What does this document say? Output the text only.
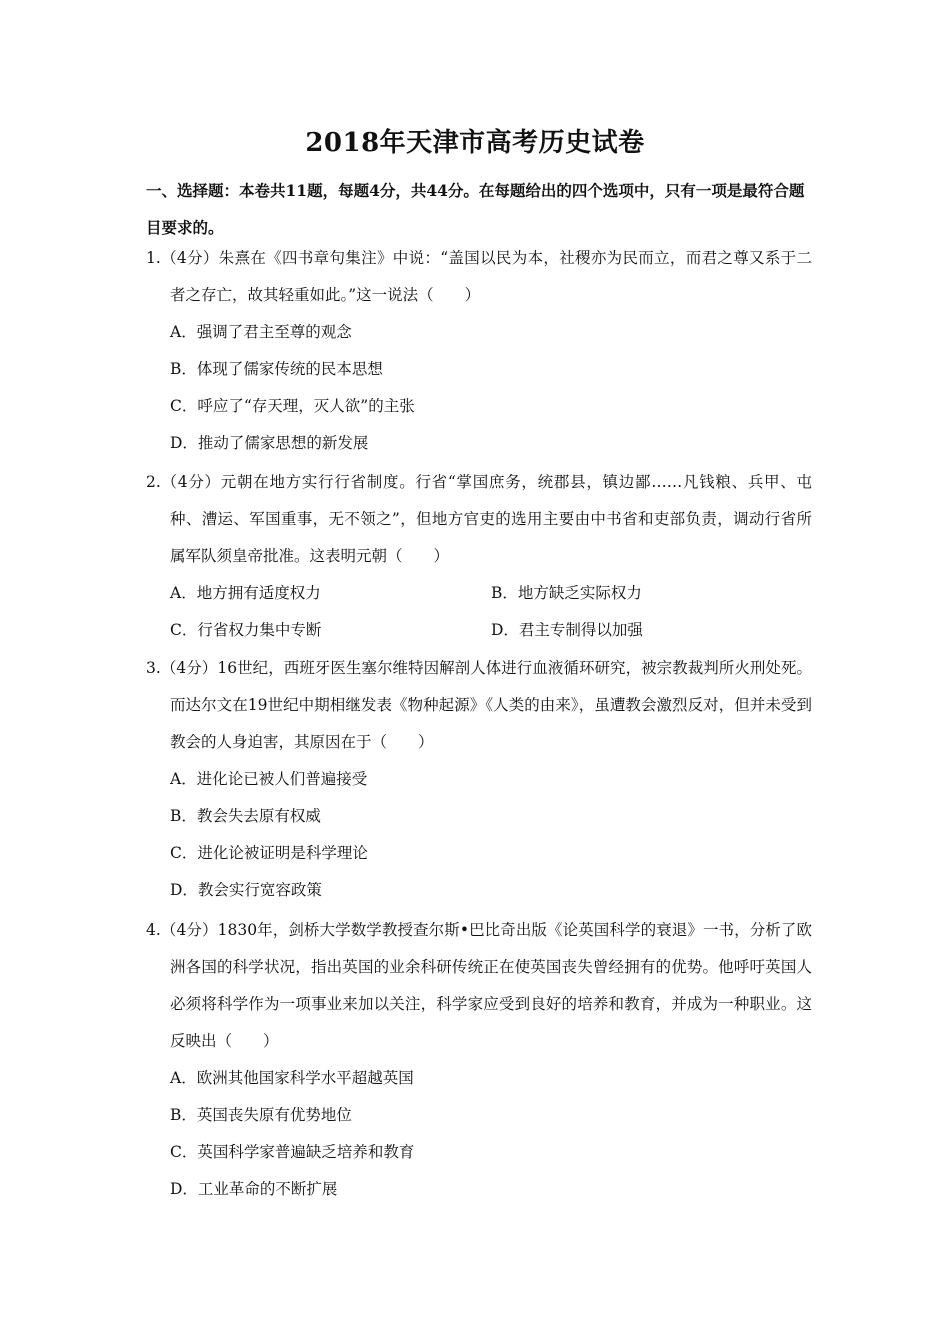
2018年天津市高考历史试卷
一、选择题：本卷共11题，每题4分，共44分。在每题给出的四个选项中，只有一项是最符合题目要求的。

1.（4分）朱熹在《四书章句集注》中说：“盖国以民为本，社稷亦为民而立，而君之尊又系于二者之存亡，故其轻重如此。”这一说法（　　）

A．强调了君主至尊的观念

B．体现了儒家传统的民本思想

C．呼应了“存天理，灭人欲”的主张

D．推动了儒家思想的新发展

2.（4分）元朝在地方实行行省制度。行省“掌国庶务，统郡县，镇边鄙……凡钱粮、兵甲、屯种、漕运、军国重事，无不领之”，但地方官吏的选用主要由中书省和吏部负责，调动行省所属军队须皇帝批准。这表明元朝（　　）

A．地方拥有适度权力	B．地方缺乏实际权力

C．行省权力集中专断	D．君主专制得以加强

3.（4分）16世纪，西班牙医生塞尔维特因解剖人体进行血液循环研究，被宗教裁判所火刑处死。而达尔文在19世纪中期相继发表《物种起源》《人类的由来》，虽遭教会激烈反对，但并未受到教会的人身迫害，其原因在于（　　）

A．进化论已被人们普遍接受

B．教会失去原有权威

C．进化论被证明是科学理论

D．教会实行宽容政策

4.（4分）1830年，剑桥大学数学教授查尔斯•巴比奇出版《论英国科学的衰退》一书，分析了欧洲各国的科学状况，指出英国的业余科研传统正在使英国丧失曾经拥有的优势。他呼吁英国人必须将科学作为一项事业来加以关注，科学家应受到良好的培养和教育，并成为一种职业。这反映出（　　）

A．欧洲其他国家科学水平超越英国

B．英国丧失原有优势地位

C．英国科学家普遍缺乏培养和教育

D．工业革命的不断扩展
